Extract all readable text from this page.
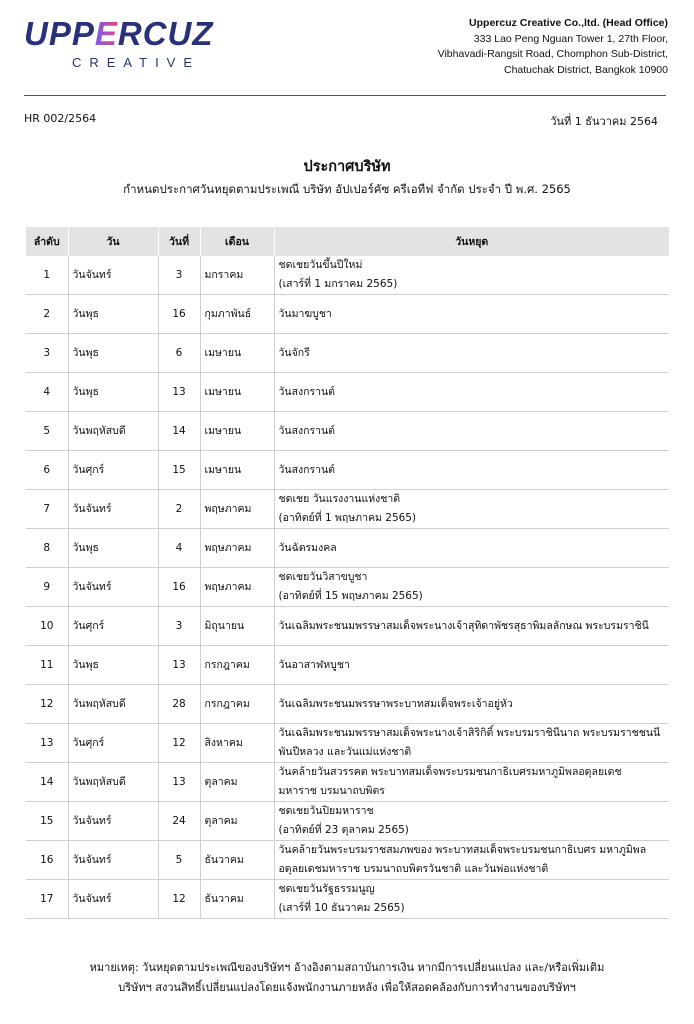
UPPERCUZ
CREATIVE
Uppercuz Creative Co.,ltd. (Head Office)
333 Lao Peng Nguan Tower 1, 27th Floor,
Vibhavadi-Rangsit Road, Chomphon Sub-District,
Chatuchak District, Bangkok 10900
HR 002/2564	วันที่ 1 ธันวาคม 2564
ประกาศบริษัท
กำหนดประกาศวันหยุดตามประเพณี บริษัท อัปเปอร์คัซ ครีเอทีฟ จำกัด ประจำ ปี พ.ศ. 2565
ลำดับ	วัน	วันที่	เดือน	วันหยุด
1	วันจันทร์	3	มกราคม	ชดเชยวันขึ้นปีใหม่
(เสาร์ที่ 1 มกราคม 2565)

2	วันพุธ	16	กุมภาพันธ์	วันมาฆบูชา

3	วันพุธ	6	เมษายน	วันจักรี

4	วันพุธ	13	เมษายน	วันสงกรานต์

5	วันพฤหัสบดี	14	เมษายน	วันสงกรานต์

6	วันศุกร์	15	เมษายน	วันสงกรานต์

7	วันจันทร์	2	พฤษภาคม	ชดเชย วันแรงงานแห่งชาติ
(อาทิตย์ที่ 1 พฤษภาคม 2565)

8	วันพุธ	4	พฤษภาคม	วันฉัตรมงคล

9	วันจันทร์	16	พฤษภาคม	ชดเชยวันวิสาขบูชา
(อาทิตย์ที่ 15 พฤษภาคม 2565)

10	วันศุกร์	3	มิถุนายน	วันเฉลิมพระชนมพรรษาสมเด็จพระนางเจ้าสุทิดาพัชรสุธาพิมลลักษณ พระบรมราชินี

11	วันพุธ	13	กรกฎาคม	วันอาสาฬหบูชา

12	วันพฤหัสบดี	28	กรกฎาคม	วันเฉลิมพระชนมพรรษาพระบาทสมเด็จพระเจ้าอยู่หัว

13	วันศุกร์	12	สิงหาคม	วันเฉลิมพระชนมพรรษาสมเด็จพระนางเจ้าสิริกิติ์ พระบรมราชินีนาถ พระบรมราชชนนี
พันปีหลวง และวันแม่แห่งชาติ

14	วันพฤหัสบดี	13	ตุลาคม	วันคล้ายวันสวรรคต พระบาทสมเด็จพระบรมชนกาธิเบศรมหาภูมิพลอดุลยเดช
มหาราช บรมนาถบพิตร

15	วันจันทร์	24	ตุลาคม	ชดเชยวันปิยมหาราช
(อาทิตย์ที่ 23 ตุลาคม 2565)

16	วันจันทร์	5	ธันวาคม	วันคล้ายวันพระบรมราชสมภพของ พระบาทสมเด็จพระบรมชนกาธิเบศร มหาภูมิพล
อดุลยเดชมหาราช บรมนาถบพิตรวันชาติ และวันพ่อแห่งชาติ

17	วันจันทร์	12	ธันวาคม	ชดเชยวันรัฐธรรมนูญ
(เสาร์ที่ 10 ธันวาคม 2565)
หมายเหตุ: วันหยุดตามประเพณีของบริษัทฯ อ้างอิงตามสถาบันการเงิน หากมีการเปลี่ยนแปลง และ/หรือเพิ่มเติม
บริษัทฯ สงวนสิทธิ์เปลี่ยนแปลงโดยแจ้งพนักงานภายหลัง เพื่อให้สอดคล้องกับการทำงานของบริษัทฯ
